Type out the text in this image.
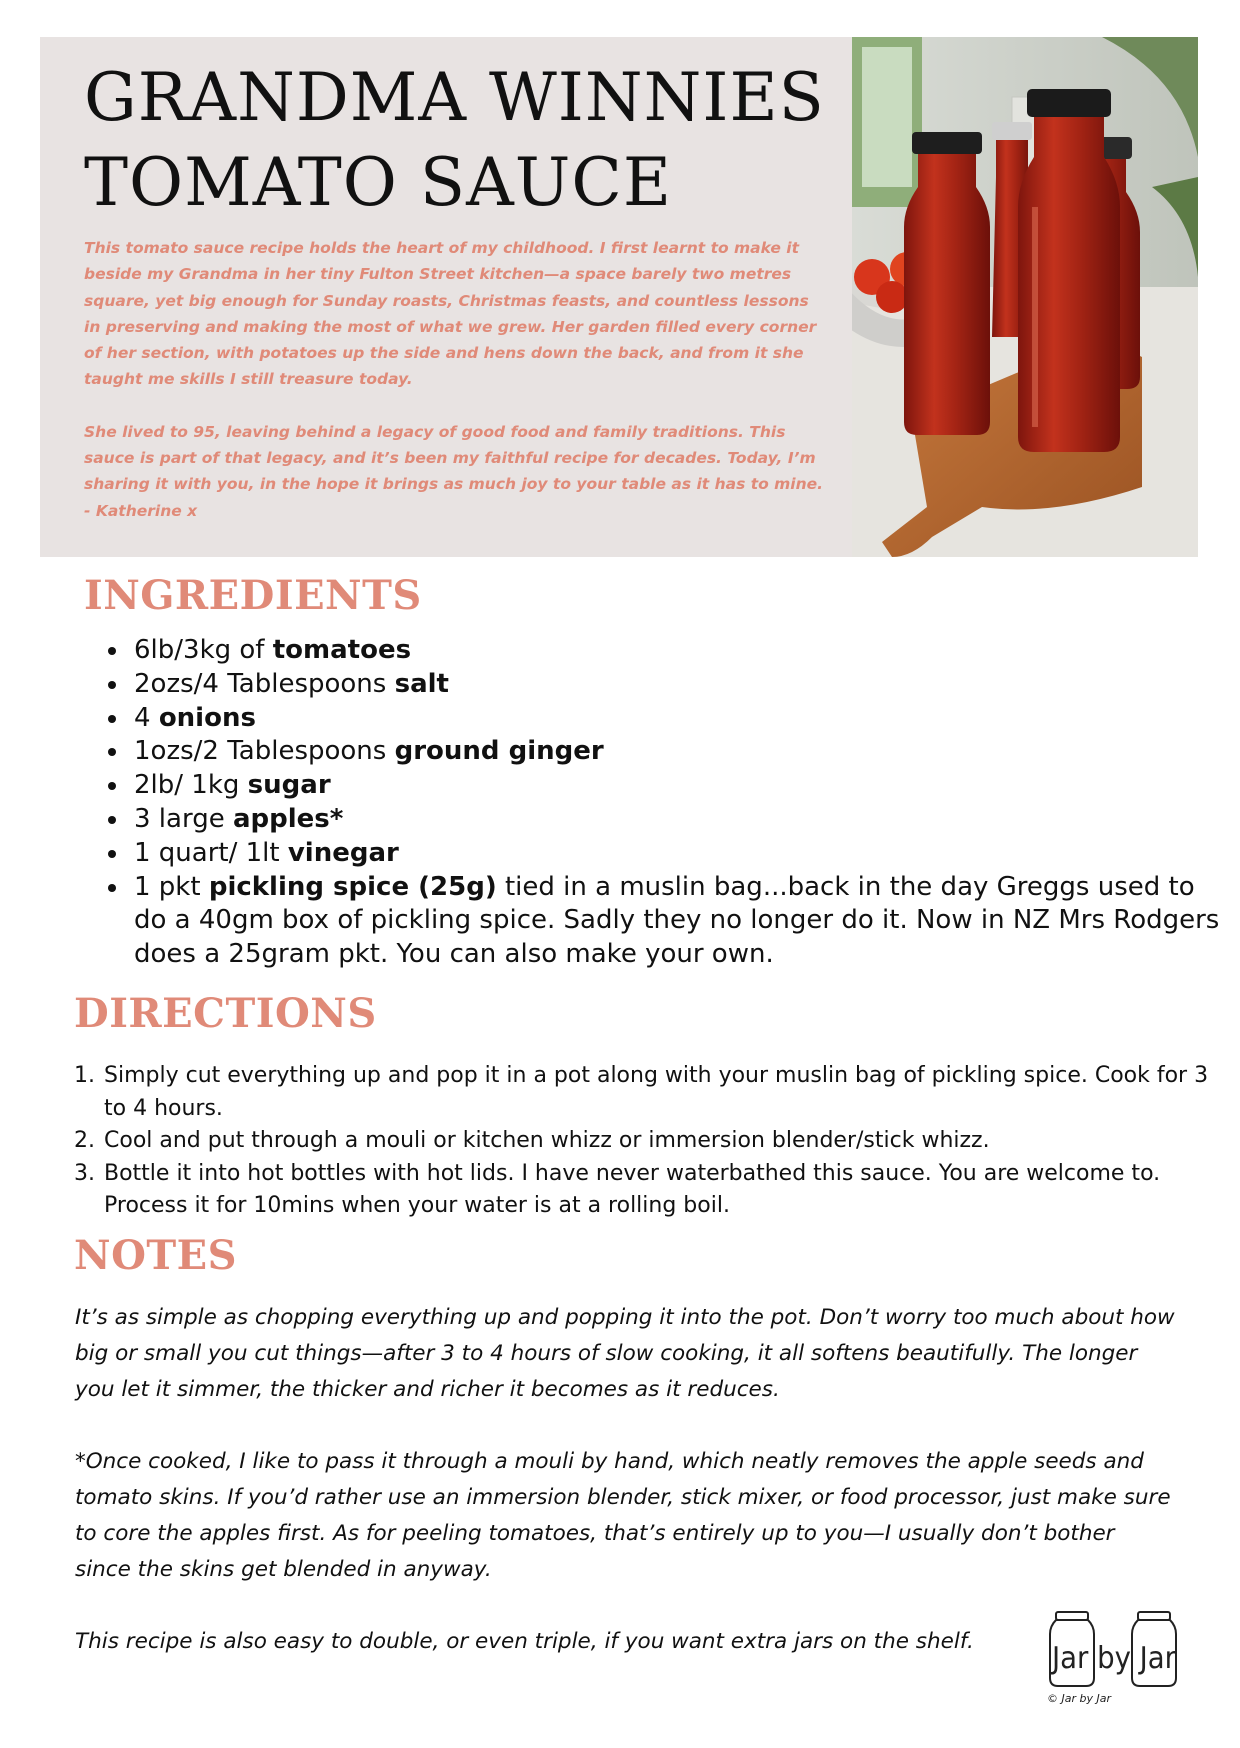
GRANDMA WINNIES
TOMATO SAUCE

This tomato sauce recipe holds the heart of my childhood. I first learnt to make it beside my Grandma in her tiny Fulton Street kitchen—a space barely two metres square, yet big enough for Sunday roasts, Christmas feasts, and countless lessons in preserving and making the most of what we grew. Her garden filled every corner of her section, with potatoes up the side and hens down the back, and from it she taught me skills I still treasure today.

She lived to 95, leaving behind a legacy of good food and family traditions. This sauce is part of that legacy, and it’s been my faithful recipe for decades. Today, I’m sharing it with you, in the hope it brings as much joy to your table as it has to mine.
- Katherine x

INGREDIENTS
• 6lb/3kg of tomatoes
• 2ozs/4 Tablespoons salt
• 4 onions
• 1ozs/2 Tablespoons ground ginger
• 2lb/ 1kg sugar
• 3 large apples*
• 1 quart/ 1lt vinegar
• 1 pkt pickling spice (25g) tied in a muslin bag...back in the day Greggs used to do a 40gm box of pickling spice. Sadly they no longer do it. Now in NZ Mrs Rodgers does a 25gram pkt. You can also make your own.
DIRECTIONS
1. Simply cut everything up and pop it in a pot along with your muslin bag of pickling spice. Cook for 3 to 4 hours.
2. Cool and put through a mouli or kitchen whizz or immersion blender/stick whizz.
3. Bottle it into hot bottles with hot lids. I have never waterbathed this sauce. You are welcome to. Process it for 10mins when your water is at a rolling boil.
NOTES

It’s as simple as chopping everything up and popping it into the pot. Don’t worry too much about how big or small you cut things—after 3 to 4 hours of slow cooking, it all softens beautifully. The longer you let it simmer, the thicker and richer it becomes as it reduces.

*Once cooked, I like to pass it through a mouli by hand, which neatly removes the apple seeds and tomato skins. If you’d rather use an immersion blender, stick mixer, or food processor, just make sure to core the apples first. As for peeling tomatoes, that’s entirely up to you—I usually don’t bother since the skins get blended in anyway.

This recipe is also easy to double, or even triple, if you want extra jars on the shelf.	Jar by Jar
© Jar by Jar
